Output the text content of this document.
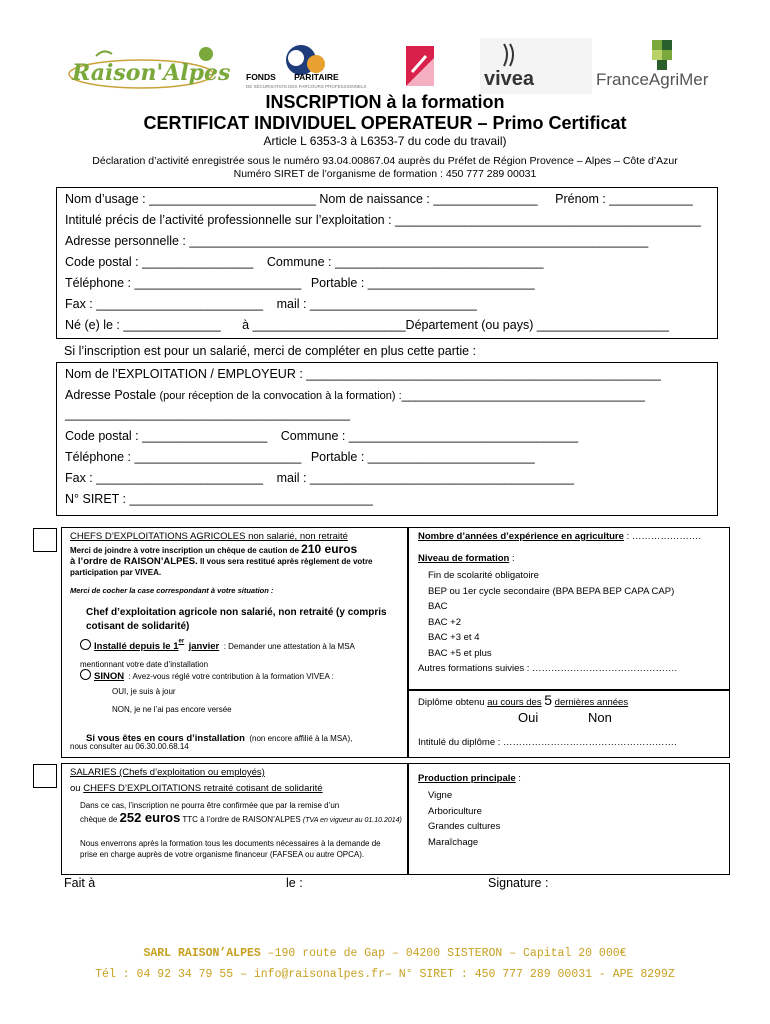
Raison'Alpes FONDS PARITAIRE
DE SÉCURISATION DES PARCOURS PROFESSIONNELS	vivea	FranceAgriMer
INSCRIPTION à la formation
CERTIFICAT INDIVIDUEL OPERATEUR – Primo Certificat
Article L 6353-3 à L6353-7 du code du travail)
Déclaration d’activité enregistrée sous le numéro 93.04.00867.04 auprès du Préfet de Région Provence – Alpes – Côte d’Azur
Numéro SIRET de l’organisme de formation : 450 777 289 00031
Nom d’usage : ________________________ Nom de naissance : _______________ Prénom : ____________
Intitulé précis de l’activité professionnelle sur l’exploitation : ____________________________________________
Adresse personnelle : __________________________________________________________________
Code postal : ________________ Commune : ______________________________
Téléphone : ________________________ Portable : ________________________
Fax : ________________________ mail : ________________________
Né (e) le : ______________ à ______________________Département (ou pays) ___________________
Si l’inscription est pour un salarié, merci de compléter en plus cette partie :
Nom de l’EXPLOITATION / EMPLOYEUR : ___________________________________________________
Adresse Postale (pour réception de la convocation à la formation) :___________________________________
_________________________________________
Code postal : __________________ Commune : _________________________________
Téléphone : ________________________ Portable : ________________________
Fax : ________________________ mail : ______________________________________
N° SIRET : ___________________________________
CHEFS D’EXPLOITATIONS AGRICOLES non salarié, non retraité
Merci de joindre à votre inscription un chèque de caution de 210 euros
à l’ordre de RAISON’ALPES. Il vous sera restitué après règlement de votre participation par VIVEA.
Merci de cocher la case correspondant à votre situation :
Chef d’exploitation agricole non salarié, non retraité (y compris cotisant de solidarité)
Installé depuis le 1er janvier : Demander une attestation à la MSA mentionnant votre date d’installation
SINON : Avez-vous réglé votre contribution à la formation VIVEA :
OUI, je suis à jour
NON, je ne l’ai pas encore versée
Si vous êtes en cours d’installation (non encore affilié à la MSA),
nous consulter au 06.30.00.68.14
Nombre d’années d’expérience en agriculture : ………………….
Niveau de formation :
Fin de scolarité obligatoire
BEP ou 1er cycle secondaire (BPA BEPA BEP CAPA CAP)
BAC
BAC +2
BAC +3 et 4
BAC +5 et plus
Autres formations suivies : ……………………………………….
Diplôme obtenu au cours des 5 dernières années
Oui	Non
Intitulé du diplôme : ……………………………………………….
SALARIES (Chefs d’exploitation ou employés)
ou CHEFS D’EXPLOITATIONS retraité cotisant de solidarité
Dans ce cas, l’inscription ne pourra être confirmée que par la remise d’un
chèque de 252 euros TTC à l’ordre de RAISON’ALPES (TVA en vigueur au 01.10.2014)
Nous enverrons après la formation tous les documents nécessaires à la demande de prise en charge auprès de votre organisme financeur (FAFSEA ou autre OPCA).
Production principale :
Vigne
Arboriculture
Grandes cultures
Maraîchage
Fait à	le :	Signature :
SARL RAISON’ALPES –190 route de Gap – 04200 SISTERON – Capital 20 000€
Tél : 04 92 34 79 55 – info@raisonalpes.fr– N° SIRET : 450 777 289 00031 - APE 8299Z
